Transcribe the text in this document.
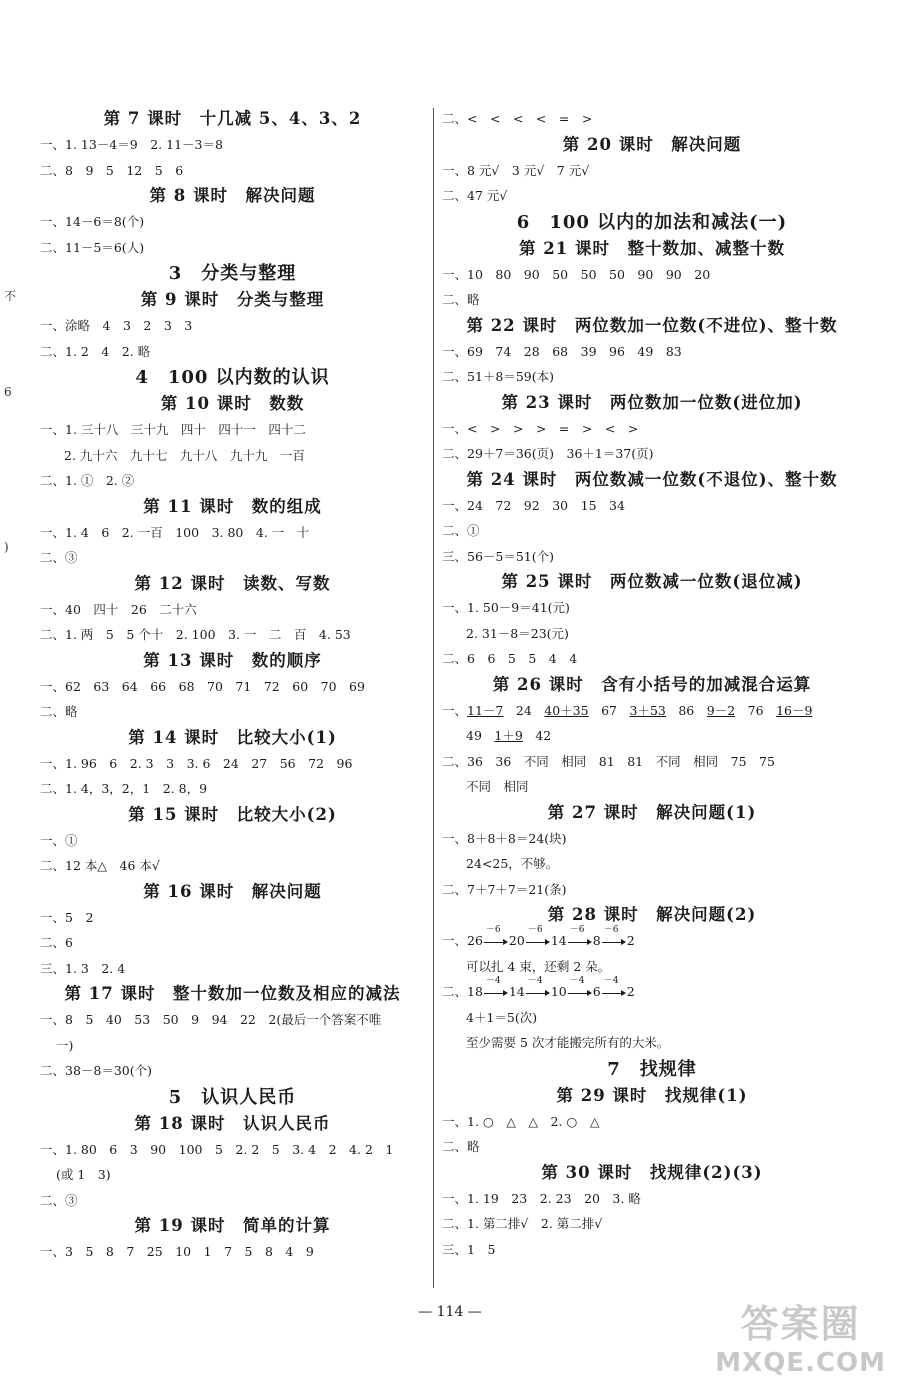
第 7 课时　十几减 5、4、3、2
一、1. 13－4＝9　2. 11－3＝8
二、8　9　5　12　5　6
第 8 课时　解决问题
一、14－6＝8(个)
二、11－5＝6(人)
3　分类与整理
第 9 课时　分类与整理
一、涂略　4　3　2　3　3
二、1. 2　4　2. 略
4　100 以内数的认识
第 10 课时　数数
一、1. 三十八　三十九　四十　四十一　四十二
2. 九十六　九十七　九十八　九十九　一百
二、1. ①　2. ②
第 11 课时　数的组成
一、1. 4　6　2. 一百　100　3. 80　4. 一　十
二、③
第 12 课时　读数、写数
一、40　四十　26　二十六
二、1. 两　5　5 个十　2. 100　3. 一　二　百　4. 53
第 13 课时　数的顺序
一、62　63　64　66　68　70　71　72　60　70　69
二、略
第 14 课时　比较大小(1)
一、1. 96　6　2. 3　3　3. 6　24　27　56　72　96
二、1. 4，3，2，1　2. 8，9
第 15 课时　比较大小(2)
一、①
二、12 本△　46 本√
第 16 课时　解决问题
一、5　2
二、6
三、1. 3　2. 4
第 17 课时　整十数加一位数及相应的减法
一、8　5　40　53　50　9　94　22　2(最后一个答案不唯
一)
二、38－8＝30(个)
5　认识人民币
第 18 课时　认识人民币
一、1. 80　6　3　90　100　5　2. 2　5　3. 4　2　4. 2　1
(或 1　3)
二、③
第 19 课时　简单的计算
一、3　5　8　7　25　10　1　7　5　8　4　9
二、<　<　<　<　=　>
第 20 课时　解决问题
一、8 元√　3 元√　7 元√
二、47 元√
6　100 以内的加法和减法(一)
第 21 课时　整十数加、减整十数
一、10　80　90　50　50　50　90　90　20
二、略
第 22 课时　两位数加一位数(不进位)、整十数
一、69　74　28　68　39　96　49　83
二、51＋8＝59(本)
第 23 课时　两位数加一位数(进位加)
一、<　>　>　>　=　>　<　>
二、29＋7＝36(页)　36＋1＝37(页)
第 24 课时　两位数减一位数(不退位)、整十数
一、24　72　92　30　15　34
二、①
三、56－5＝51(个)
第 25 课时　两位数减一位数(退位减)
一、1. 50－9＝41(元)
2. 31－8＝23(元)
二、6　6　5　5　4　4
第 26 课时　含有小括号的加减混合运算
一、11－7　24　40＋35　67　3＋53　86　9－2　76　16－9
49　1＋9　42
二、36　36　不同　相同　81　81　不同　相同　75　75
不同　相同
第 27 课时　解决问题(1)
一、8＋8＋8＝24(块)
24<25，不够。
二、7＋7＋7＝21(条)
第 28 课时　解决问题(2)
一、26
－6
20
－6
14
－6
8
－6
2
可以扎 4 束，还剩 2 朵。
二、18
－4
14
－4
10
－4
6
－4
2
4＋1＝5(次)
至少需要 5 次才能搬完所有的大米。
7　找规律
第 29 课时　找规律(1)
一、1. ○　△　△　2. ○　△
二、略
第 30 课时　找规律(2)(3)
一、1. 19　23　2. 23　20　3. 略
二、1. 第二排√　2. 第二排√
三、1　5
不
6
)
— 114 —	答案圈
MXQE.COM
